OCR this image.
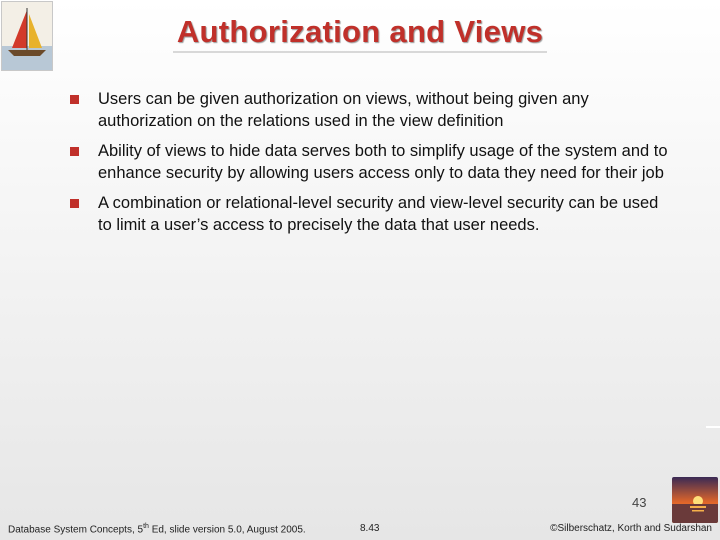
Authorization and Views
Users can be given authorization on views, without being given any authorization on the relations used in the view definition
Ability of views to hide data serves both to simplify usage of the system and to enhance security by allowing users access only to data they need for their job
A combination or relational-level security and view-level security can be used to limit a user’s access to precisely the data that user needs.
43
Database System Concepts, 5th Ed, slide version 5.0, August 2005.	8.43	©Silberschatz, Korth and Sudarshan
